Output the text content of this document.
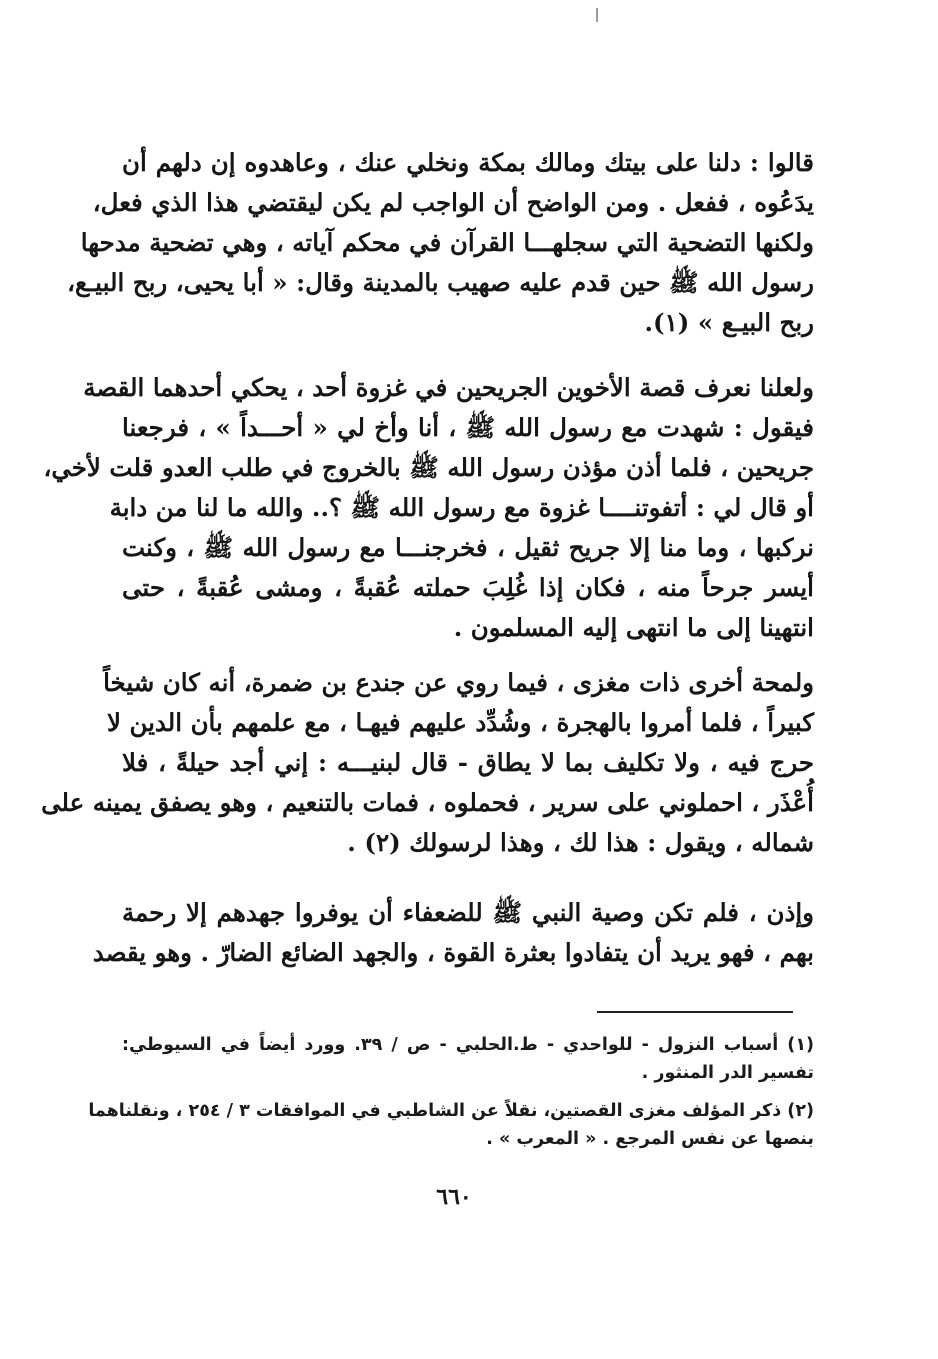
قالوا : دلنا على بيتك ومالك بمكة ونخلي عنك ، وعاهدوه إن دلهم أن
يدَعُوه ، ففعل . ومن الواضح أن الواجب لم يكن ليقتضي هذا الذي فعل،
ولكنها التضحية التي سجلهـــا القرآن في محكم آياته ، وهي تضحية مدحها
رسول الله ﷺ حين قدم عليه صهيب بالمدينة وقال: « أبا يحيى، ربح البيـع،
ربح البيـع » (١).
ولعلنا نعرف قصة الأخوين الجريحين في غزوة أحد ، يحكي أحدهما القصة
فيقول : شهدت مع رسول الله ﷺ ، أنا وأخ لي « أحـــداً » ، فرجعنا
جريحين ، فلما أذن مؤذن رسول الله ﷺ بالخروج في طلب العدو قلت لأخي،
أو قال لي : أتفوتنــــا غزوة مع رسول الله ﷺ ؟.. والله ما لنا من دابة
نركبها ، وما منا إلا جريح ثقيل ، فخرجنـــا مع رسول الله ﷺ ، وكنت
أيسر جرحاً منه ، فكان إذا غُلِبَ حملته عُقبةً ، ومشى عُقبةً ، حتى
انتهينا إلى ما انتهى إليه المسلمون .
ولمحة أخرى ذات مغزى ، فيما روي عن جندع بن ضمرة، أنه كان شيخاً
كبيراً ، فلما أمروا بالهجرة ، وشُدِّد عليهم فيهـا ، مع علمهم بأن الدين لا
حرج فيه ، ولا تكليف بما لا يطاق - قال لبنيـــه : إني أجد حيلةً ، فلا
أُعْذَر ، احملوني على سرير ، فحملوه ، فمات بالتنعيم ، وهو يصفق يمينه على
شماله ، ويقول : هذا لك ، وهذا لرسولك (٢) .
وإذن ، فلم تكن وصية النبي ﷺ للضعفاء أن يوفروا جهدهم إلا رحمة
بهم ، فهو يريد أن يتفادوا بعثرة القوة ، والجهد الضائع الضارّ . وهو يقصد
(١) أسباب النزول - للواحدي - ط.الحلبي - ص / ٣٩. وورد أيضاً في السيوطي:
تفسير الدر المنثور .
(٢) ذكر المؤلف مغزى القصتين، نقلاً عن الشاطبي في الموافقات ٣ / ٢٥٤ ، ونقلناهما
بنصها عن نفس المرجع . « المعرب » .
٦٦٠
